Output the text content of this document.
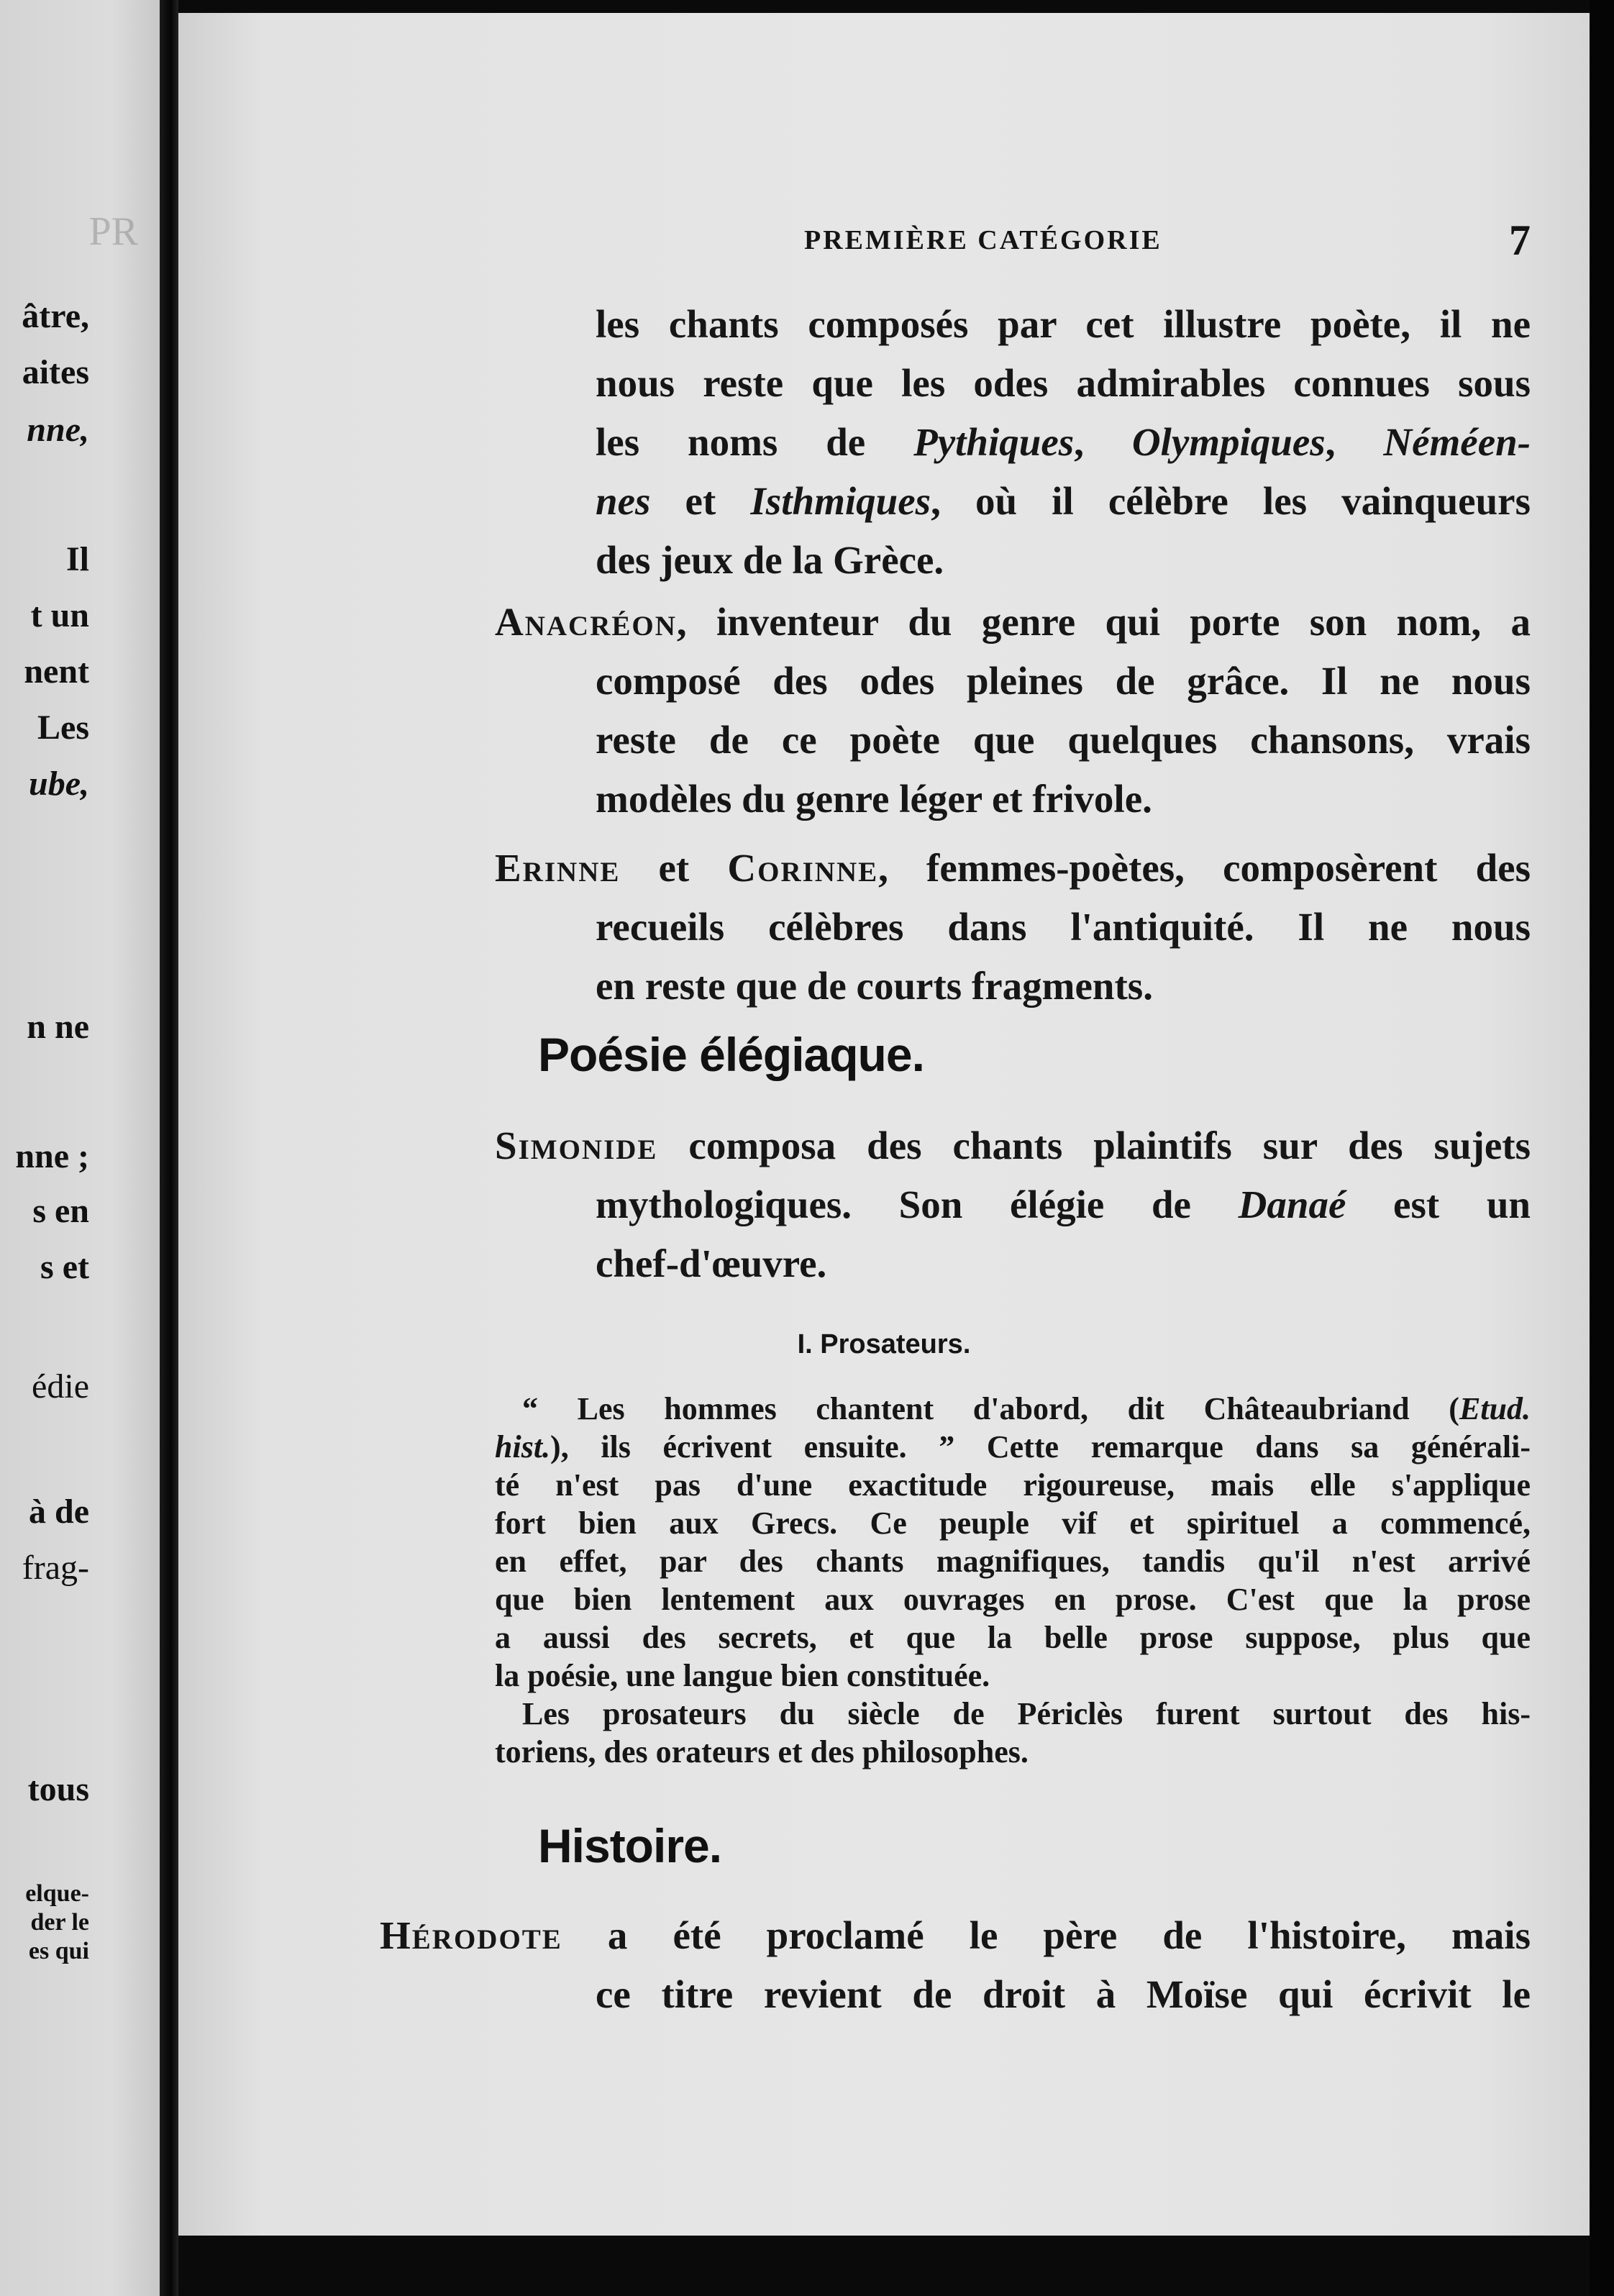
PR
âtre,
aites
nne,
Il
t un
nent
Les
ube,
n ne
nne ;
s en
s et
édie
à de
frag-
tous
elque-
der le
es qui
PREMIÈRE CATÉGORIE	7
les chants composés par cet illustre poète, il ne
nous reste que les odes admirables connues sous
les noms de Pythiques, Olympiques, Néméen-
nes et Isthmiques, où il célèbre les vainqueurs
des jeux de la Grèce.
Anacréon, inventeur du genre qui porte son nom, a
composé des odes pleines de grâce. Il ne nous
reste de ce poète que quelques chansons, vrais
modèles du genre léger et frivole.
Erinne et Corinne, femmes-poètes, composèrent des
recueils célèbres dans l'antiquité. Il ne nous
en reste que de courts fragments.
Poésie élégiaque.
Simonide composa des chants plaintifs sur des sujets
mythologiques. Son élégie de Danaé est un
chef-d'œuvre.
I. Prosateurs.
“ Les hommes chantent d'abord, dit Châteaubriand (Etud.
hist.), ils écrivent ensuite. ” Cette remarque dans sa générali-
té n'est pas d'une exactitude rigoureuse, mais elle s'applique
fort bien aux Grecs. Ce peuple vif et spirituel a commencé,
en effet, par des chants magnifiques, tandis qu'il n'est arrivé
que bien lentement aux ouvrages en prose. C'est que la prose
a aussi des secrets, et que la belle prose suppose, plus que
la poésie, une langue bien constituée.
Les prosateurs du siècle de Périclès furent surtout des his-
toriens, des orateurs et des philosophes.
Histoire.
Hérodote a été proclamé le père de l'histoire, mais
ce titre revient de droit à Moïse qui écrivit le
